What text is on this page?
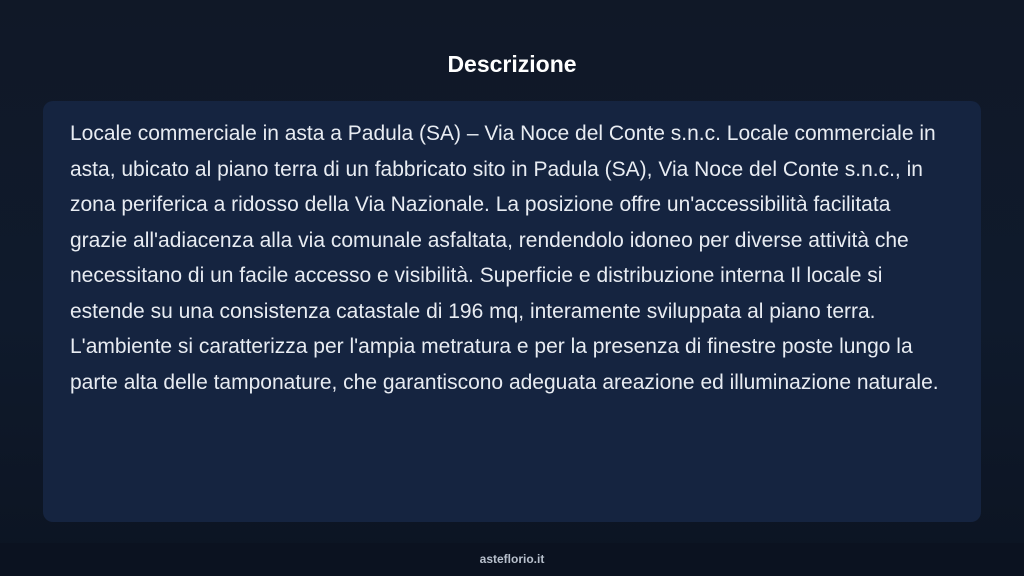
Descrizione

Locale commerciale in asta a Padula (SA) – Via Noce del Conte s.n.c. Locale commerciale in asta, ubicato al piano terra di un fabbricato sito in Padula (SA), Via Noce del Conte s.n.c., in zona periferica a ridosso della Via Nazionale. La posizione offre un'accessibilità facilitata grazie all'adiacenza alla via comunale asfaltata, rendendolo idoneo per diverse attività che necessitano di un facile accesso e visibilità. Superficie e distribuzione interna Il locale si estende su una consistenza catastale di 196 mq, interamente sviluppata al piano terra. L'ambiente si caratterizza per l'ampia metratura e per la presenza di finestre poste lungo la parte alta delle tamponature, che garantiscono adeguata areazione ed illuminazione naturale.

asteflorio.it
